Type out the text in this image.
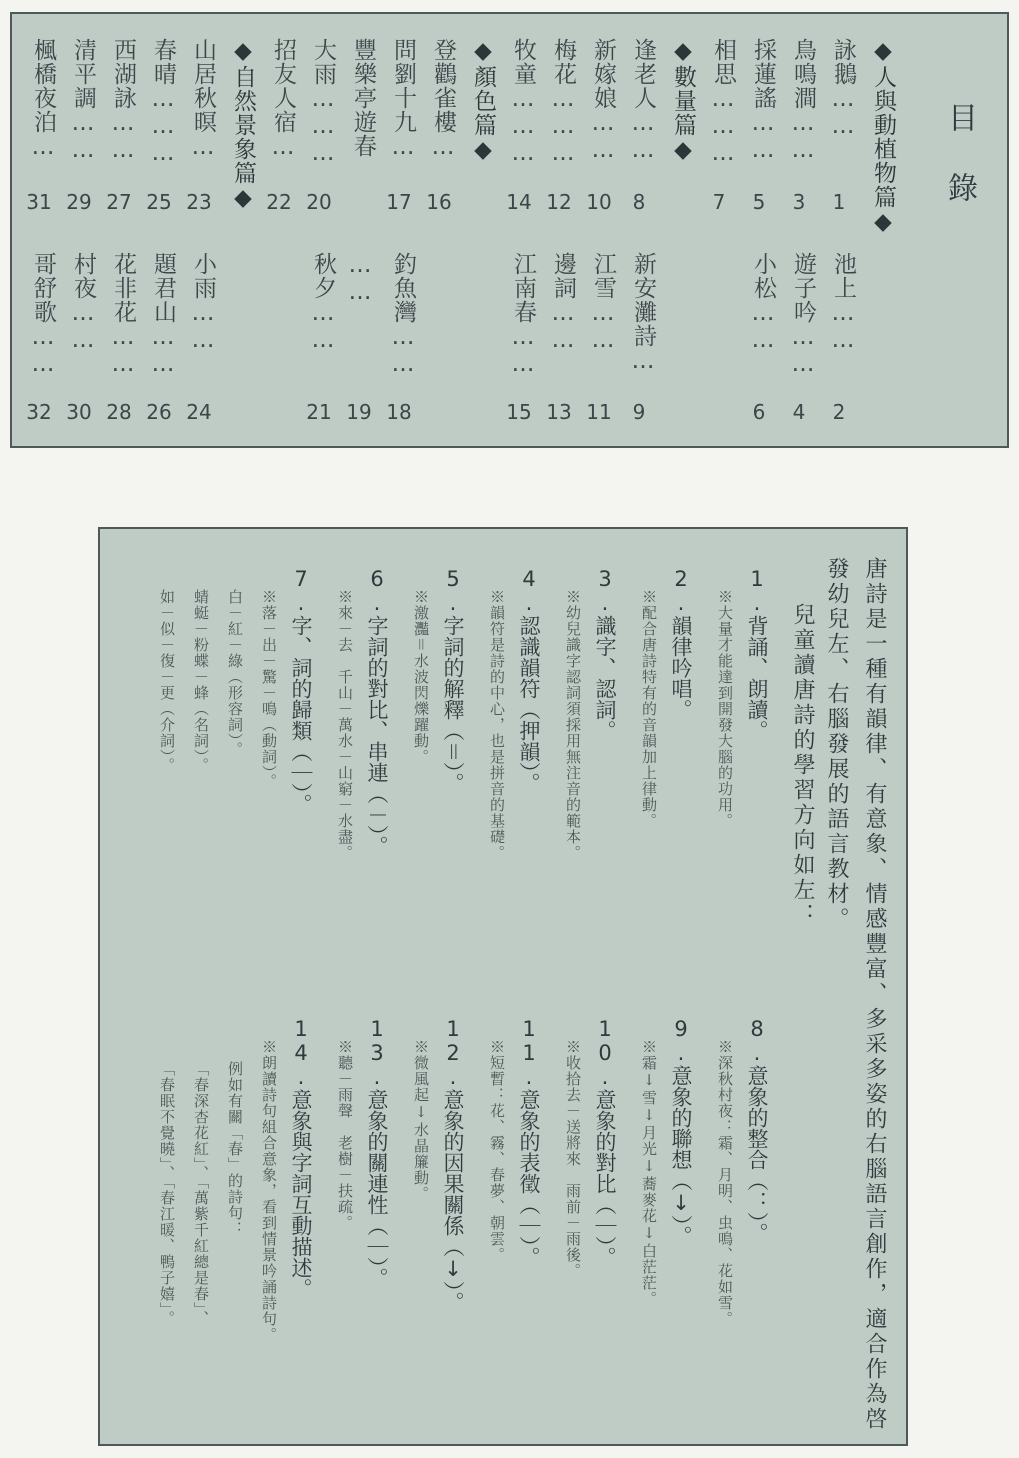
目錄
◆人與動植物篇◆
詠鵝……
1
池上……
2
鳥鳴澗……
3
遊子吟……
4
採蓮謠……
5
小松……
6
相思………
7
◆數量篇◆
逢老人……
8
新安灘詩…
9
新嫁娘……
10
江雪……
11
梅花………
12
邊詞……
13
牧童………
14
江南春……
15
◆顏色篇◆
登鸛雀樓…
16
問劉十九…
17
釣魚灣……
18
豐樂亭遊春
……
19
大雨………
20
秋夕……
21
招友人宿…
22
◆自然景象篇◆
山居秋暝…
23
小雨……
24
春晴………
25
題君山……
26
西湖詠……
27
花非花……
28
清平調……
29
村夜……
30
楓橋夜泊…
31
哥舒歌……
32
唐詩是一種有韻律、有意象、情感豐富、多采多姿的右腦語言創作，適合作為啓
發幼兒左、右腦發展的語言教材。
兒童讀唐詩的學習方向如左：
1.背誦、朗讀。
※大量才能達到開發大腦的功用。
2.韻律吟唱。
※配合唐詩特有的音韻加上律動。
3.識字、認詞。
※幼兒識字認詞須採用無注音的範本。
4.認識韻符（押韻）。
※韻符是詩的中心，也是拼音的基礎。
5.字詞的解釋（＝）。
※激灩＝水波閃爍躍動。
6.字詞的對比、串連（－）。
※來－去　千山－萬水－山窮－水盡。
7.字、詞的歸類（｜）。
※落－出－驚－鳴（動詞）。
白－紅－綠（形容詞）。
蜻蜓－粉蝶－蜂（名詞）。
如－似－復－更（介詞）。
8.意象的整合（：）。
※深秋村夜：霜、月明、虫鳴、花如雪。
9.意象的聯想（↓）。
※霜↓雪↓月光↓蕎麥花↓白茫茫。
10.意象的對比（｜）。
※收拾去－送將來　雨前－雨後。
11.意象的表徵（｜）。
※短暫：花、霧、春夢、朝雲。
12.意象的因果關係（↓）。
※微風起↓水晶簾動。
13.意象的關連性（｜）。
※聽－雨聲　老樹－扶疏。
14.意象與字詞互動描述。
※朗讀詩句組合意象，看到情景吟誦詩句。
例如有關「春」的詩句：
「春深杏花紅」、「萬紫千紅總是春」、
「春眠不覺曉」、「春江暖、鴨子嬉」。
